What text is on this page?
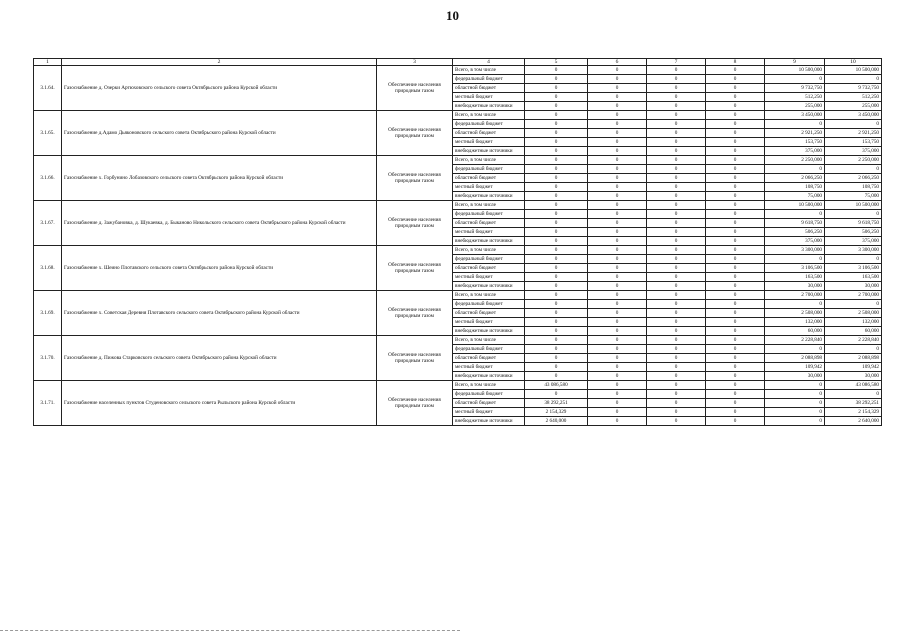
10
1	2	3	4	5	6	7	8	9	10
3.1.64.	Газоснабжение д. Озерки Артюховского сельского совета Октябрьского района Курской области	Обеспечение населения природным газом	Всего, в том числе	0	0	0	0	10 500,000	10 500,000
			федеральный бюджет	0	0	0	0	0	0
			областной бюджет	0	0	0	0	9 732,750	9 732,750
			местный бюджет	0	0	0	0	512,250	512,250
			внебюджетные источники	0	0	0	0	255,000	255,000
3.1.65.	Газоснабжение д.Адамо Дьяконовского сельского совета Октябрьского района Курской области	Обеспечение населения природным газом	Всего, в том числе	0	0	0	0	3 450,000	3 450,000
			федеральный бюджет	0	0	0	0	0	0
			областной бюджет	0	0	0	0	2 921,250	2 921,250
			местный бюджет	0	0	0	0	153,750	153,750
			внебюджетные источники	0	0	0	0	375,000	375,000
3.1.66.	Газоснабжение х. Горбунино Лобазовского сельского совета Октябрьского района Курской области	Обеспечение населения природным газом	Всего, в том числе	0	0	0	0	2 250,000	2 250,000
			федеральный бюджет	0	0	0	0	0	0
			областной бюджет	0	0	0	0	2 066,250	2 066,250
			местный бюджет	0	0	0	0	108,750	108,750
			внебюджетные источники	0	0	0	0	75,000	75,000
3.1.67.	Газоснабжение д. Зажубановка, д. Шукаевка, д. Быканово Никольского сельского совета Октябрьского района Курской области	Обеспечение населения природным газом	Всего, в том числе	0	0	0	0	10 500,000	10 500,000
			федеральный бюджет	0	0	0	0	0	0
			областной бюджет	0	0	0	0	9 618,750	9 618,750
			местный бюджет	0	0	0	0	506,250	506,250
			внебюджетные источники	0	0	0	0	375,000	375,000
3.1.68.	Газоснабжение х. Шеино Плотавского сельского совета Октябрьского района Курской области	Обеспечение населения природным газом	Всего, в том числе	0	0	0	0	3 300,000	3 300,000
			федеральный бюджет	0	0	0	0	0	0
			областной бюджет	0	0	0	0	3 106,500	3 106,500
			местный бюджет	0	0	0	0	163,500	163,500
			внебюджетные источники	0	0	0	0	30,000	30,000
3.1.69.	Газоснабжение х. Советская Деревня Плотавского сельского совета Октябрьского района Курской области	Обеспечение населения природным газом	Всего, в том числе	0	0	0	0	2 700,000	2 700,000
			федеральный бюджет	0	0	0	0	0	0
			областной бюджет	0	0	0	0	2 508,000	2 508,000
			местный бюджет	0	0	0	0	132,000	132,000
			внебюджетные источники	0	0	0	0	60,000	60,000
3.1.70.	Газоснабжение д. Пижова Старковского сельского совета Октябрьского района Курской области	Обеспечение населения природным газом	Всего, в том числе	0	0	0	0	2 228,840	2 228,840
			федеральный бюджет	0	0	0	0	0	0
			областной бюджет	0	0	0	0	2 088,898	2 088,898
			местный бюджет	0	0	0	0	109,942	109,942
			внебюджетные источники	0	0	0	0	30,000	30,000
3.1.71.	Газоснабжение населенных пунктов Студеновского сельского совета Рыльского района Курской области	Обеспечение населения природным газом	Всего, в том числе	43 086,580	0	0	0	0	43 086,580
			федеральный бюджет	0	0	0	0	0	0
			областной бюджет	38 292,251	0	0	0	0	38 292,251
			местный бюджет	2 154,329	0	0	0	0	2 154,329
			внебюджетные источники	2 640,000	0	0	0	0	2 640,000
